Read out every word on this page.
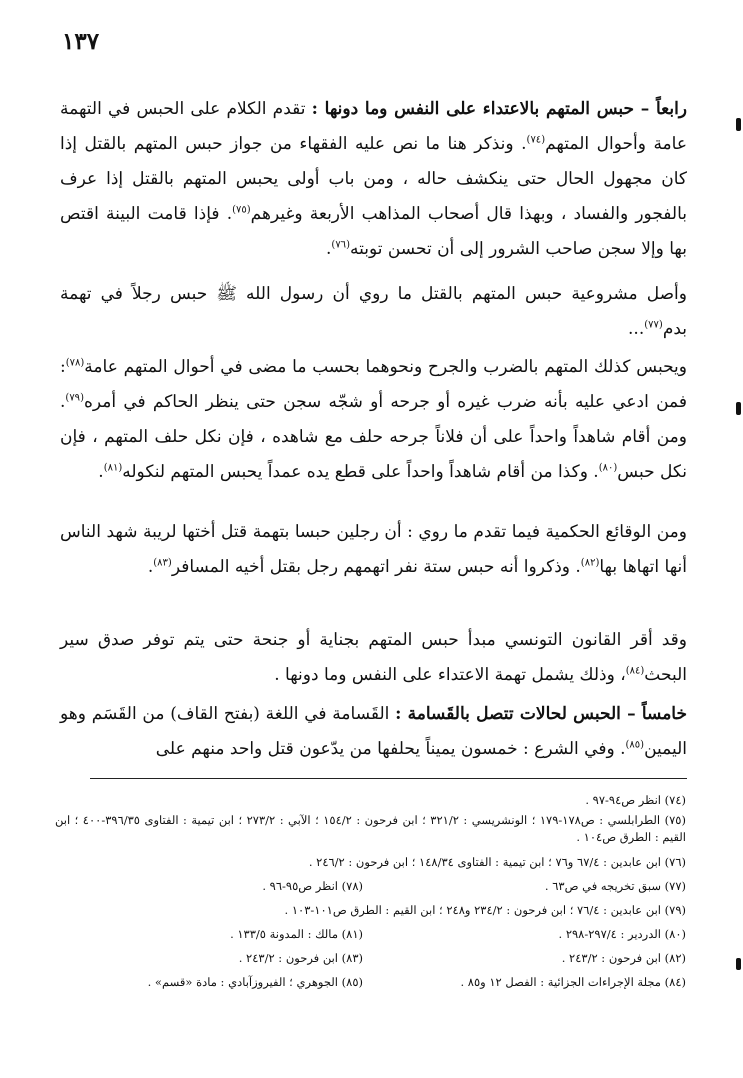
١٣٧
رابعاً – حبس المتهم بالاعتداء على النفس وما دونها : تقدم الكلام على الحبس في التهمة عامة وأحوال المتهم$^{(٧٤)}$. ونذكر هنا ما نص عليه الفقهاء من جواز حبس المتهم بالقتل إذا كان مجهول الحال حتى ينكشف حاله ، ومن باب أولى يحبس المتهم بالقتل إذا عرف بالفجور والفساد ، وبهذا قال أصحاب المذاهب الأربعة وغيرهم$^{(٧٥)}$. فإذا قامت البينة اقتص بها وإلا سجن صاحب الشرور إلى أن تحسن توبته$^{(٧٦)}$.
وأصل مشروعية حبس المتهم بالقتل ما روي أن رسول الله ﷺ حبس رجلاً في تهمة بدم$^{(٧٧)}$...
ويحبس كذلك المتهم بالضرب والجرح ونحوهما بحسب ما مضى في أحوال المتهم عامة$^{(٧٨)}$: فمن ادعي عليه بأنه ضرب غيره أو جرحه أو شجّه سجن حتى ينظر الحاكم في أمره$^{(٧٩)}$. ومن أقام شاهداً واحداً على أن فلاناً جرحه حلف مع شاهده ، فإن نكل حلف المتهم ، فإن نكل حبس$^{(٨٠)}$. وكذا من أقام شاهداً واحداً على قطع يده عمداً يحبس المتهم لنكوله$^{(٨١)}$.
ومن الوقائع الحكمية فيما تقدم ما روي : أن رجلين حبسا بتهمة قتل أختها لريبة شهد الناس أنها اتهاها بها$^{(٨٢)}$. وذكروا أنه حبس ستة نفر اتهمهم رجل بقتل أخيه المسافر$^{(٨٣)}$.
وقد أقر القانون التونسي مبدأ حبس المتهم بجناية أو جنحة حتى يتم توفر صدق سير البحث$^{(٨٤)}$، وذلك يشمل تهمة الاعتداء على النفس وما دونها .
خامساً – الحبس لحالات تتصل بالقَسامة : القَسامة في اللغة (بفتح القاف) من القَسَم وهو اليمين$^{(٨٥)}$. وفي الشرع : خمسون يميناً يحلفها من يدّعون قتل واحد منهم على
(٧٤) انظر ص٩٤-٩٧ .
(٧٥) الطرابلسي : ص١٧٨-١٧٩ ؛ الونشريسي : ٣٢١/٢ ؛ ابن فرحون : ١٥٤/٢ ؛ الآبي : ٢٧٣/٢ ؛ ابن تيمية : الفتاوى ٣٩٦/٣٥-٤٠٠ ؛ ابن القيم : الطرق ص١٠٤ .
(٧٦) ابن عابدين : ٦٧/٤ و٧٦ ؛ ابن تيمية : الفتاوى ١٤٨/٣٤ ؛ ابن فرحون : ٢٤٦/٢ .
(٧٧) سبق تخريجه في ص٦٣ .
(٧٨) انظر ص٩٥-٩٦ .
(٧٩) ابن عابدين : ٧٦/٤ ؛ ابن فرحون : ٢٣٤/٢ و٢٤٨ ؛ ابن القيم : الطرق ص١٠١-١٠٣ .
(٨٠) الدردير : ٢٩٧/٤-٢٩٨ .
(٨١) مالك : المدونة ١٣٣/٥ .
(٨٢) ابن فرحون : ٢٤٣/٢ .
(٨٣) ابن فرحون : ٢٤٣/٢ .
(٨٤) مجلة الإجراءات الجزائية : الفصل ١٢ و٨٥ .
(٨٥) الجوهري ؛ الفيروزآبادي : مادة «قسم» .
